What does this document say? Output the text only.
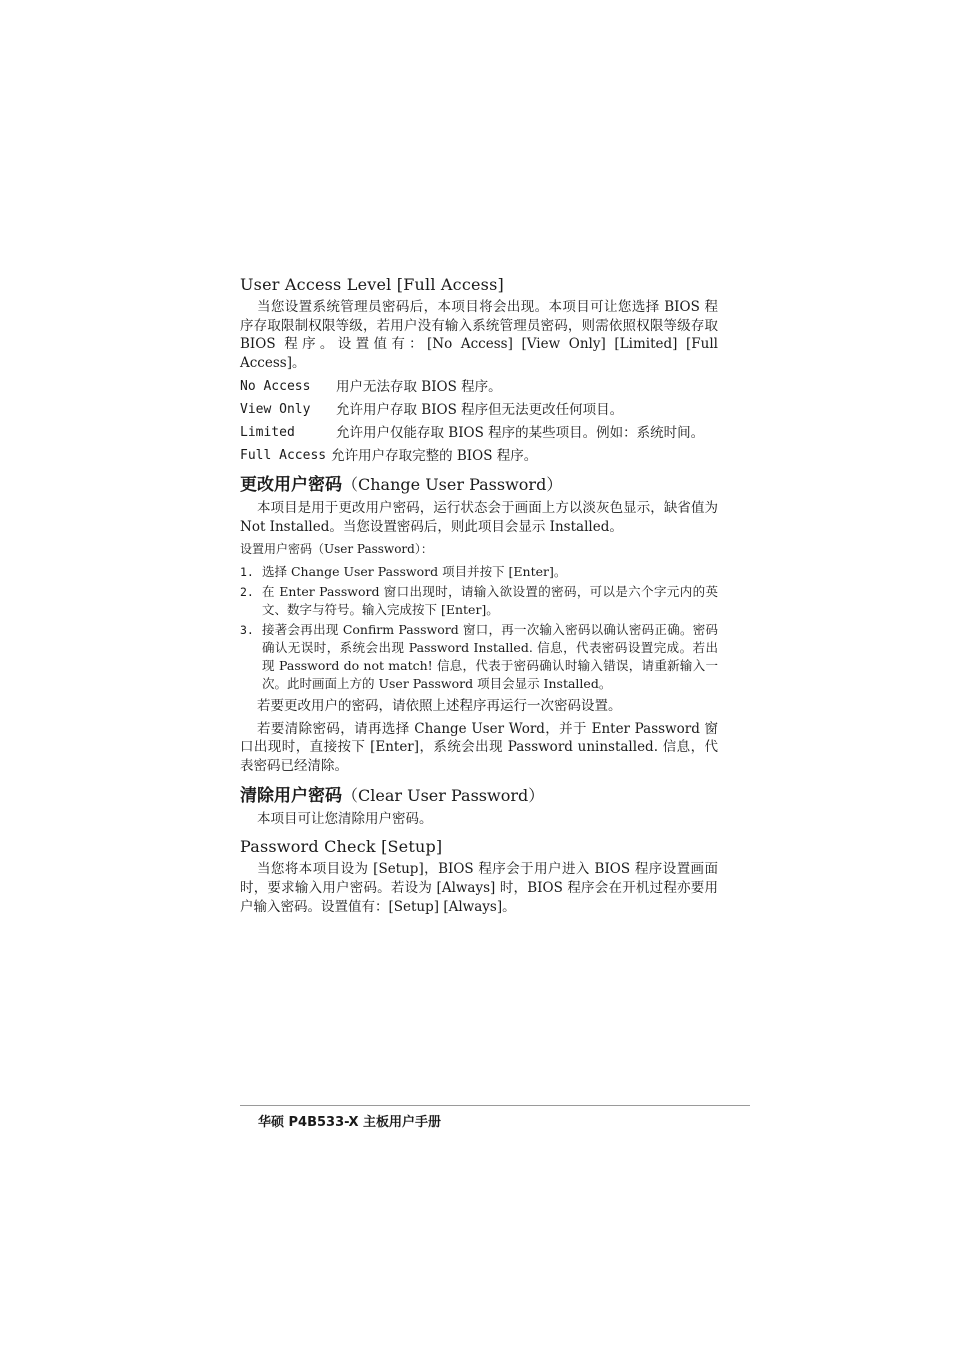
User Access Level [Full Access]

当您设置系统管理员密码后，本项目将会出现。本项目可让您选择 BIOS 程序存取限制权限等级，若用户没有输入系统管理员密码，则需依照权限等级存取 BIOS 程序。设置值有：[No Access] [View Only] [Limited] [Full Access]。

No Access	用户无法存取 BIOS 程序。
View Only	允许用户存取 BIOS 程序但无法更改任何项目。
Limited	允许用户仅能存取 BIOS 程序的某些项目。例如：系统时间。
Full Access 允许用户存取完整的 BIOS 程序。
更改用户密码（Change User Password）

本项目是用于更改用户密码，运行状态会于画面上方以淡灰色显示，缺省值为 Not Installed。当您设置密码后，则此项目会显示 Installed。

设置用户密码（User Password）：

1. 选择 Change User Password 项目并按下 [Enter]。
2. 在 Enter Password 窗口出现时，请输入欲设置的密码，可以是六个字元内的英文、数字与符号。输入完成按下 [Enter]。
3. 接著会再出现 Confirm Password 窗口，再一次输入密码以确认密码正确。密码确认无误时，系统会出现 Password Installed. 信息，代表密码设置完成。若出现 Password do not match! 信息，代表于密码确认时输入错误，请重新输入一次。此时画面上方的 User Password 项目会显示 Installed。

若要更改用户的密码，请依照上述程序再运行一次密码设置。

若要清除密码，请再选择 Change User Word，并于 Enter Password 窗口出现时，直接按下 [Enter]，系统会出现 Password uninstalled. 信息，代表密码已经清除。

清除用户密码（Clear User Password）

本项目可让您清除用户密码。

Password Check [Setup]

当您将本项目设为 [Setup]，BIOS 程序会于用户进入 BIOS 程序设置画面时，要求输入用户密码。若设为 [Always] 时，BIOS 程序会在开机过程亦要用户输入密码。设置值有：[Setup] [Always]。

华硕 P4B533-X 主板用户手册
